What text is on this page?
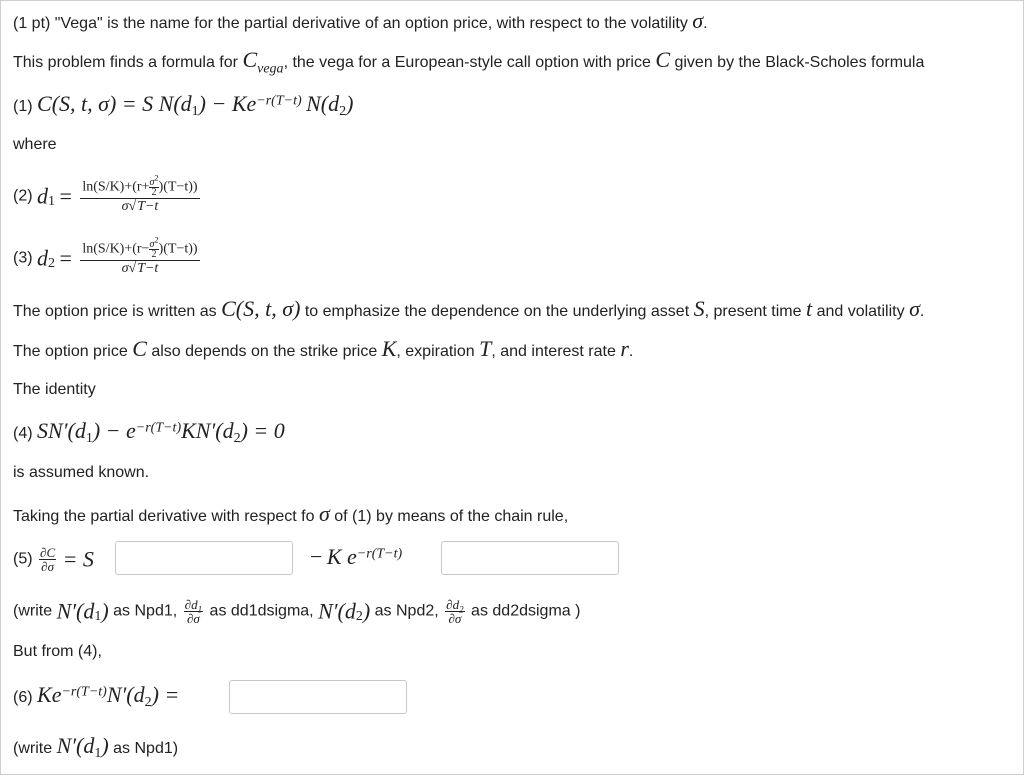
(1 pt) "Vega" is the name for the partial derivative of an option price, with respect to the volatility σ.
This problem finds a formula for $C_{vega}$, the vega for a European-style call option with price C given by the Black-Scholes formula
(1) C(S, t, σ) = S $N(d_1) - Ke^{-r(T-t)}$ $N(d_2)$
where
(2) $d_1 = \frac{\ln(S/K)+(r+ \frac{\sigma^2}{2} )(T-t))}{\sigma√T-t}$
(3) $d_2 = \frac{\ln(S/K)+(r- \frac{\sigma^2}{2} )(T-t))}{\sigma√T-t}$
The option price is written as C(S, t, σ) to emphasize the dependence on the underlying asset S, present time t and volatility σ.
The option price C also depends on the strike price K, expiration T, and interest rate r.
The identity
(4) $SN'(d_1) - e^{-r(T-t)}KN'(d_2) = 0$
is assumed known.
Taking the partial derivative with respect fo σ of (1) by means of the chain rule,
$(5) \frac{\partial C}{\partial\sigma} = S$	− K $e^{-r(T-t)}$
(write $N'(d_1)$ as Npd1, $\frac{\partial d_1}{\partial\sigma}$ as dd1dsigma, $N'(d_2)$ as Npd2, $\frac{\partial d_2}{\partial\sigma}$ as dd2dsigma )
But from (4),
(6) $Ke^{-r(T-t)}N'(d_2)$ =
(write $N'(d_1)$ as Npd1)
